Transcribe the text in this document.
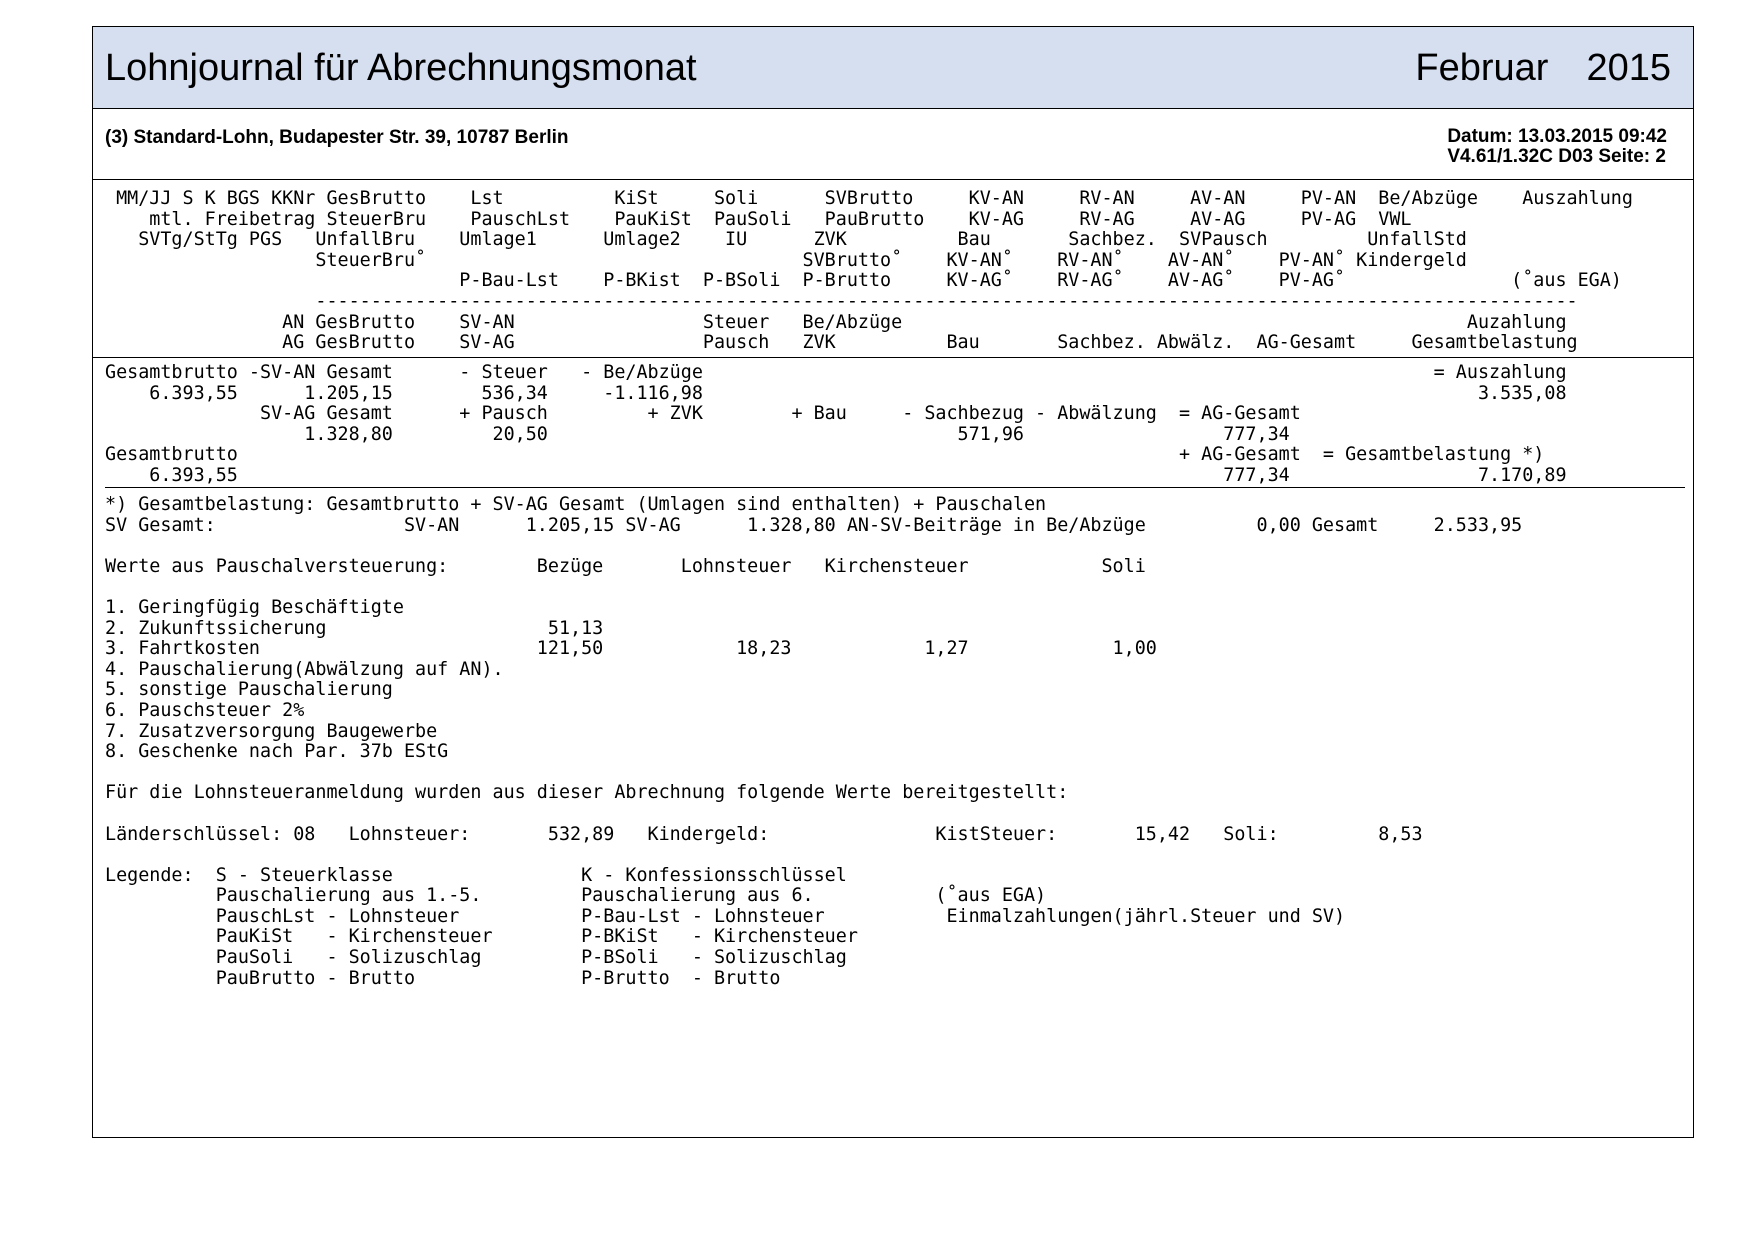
Lohnjournal für Abrechnungsmonat	Februar 2015
(3) Standard-Lohn, Budapester Str. 39, 10787 Berlin	Datum: 13.03.2015 09:42
V4.61/1.32C D03 Seite: 2
MM/JJ S K BGS KKNr GesBrutto    Lst          KiSt     Soli      SVBrutto     KV-AN     RV-AN     AV-AN     PV-AN  Be/Abzüge    Auszahlung
mtl. Freibetrag SteuerBru    PauschLst    PauKiSt  PauSoli   PauBrutto    KV-AG     RV-AG     AV-AG     PV-AG  VWL
SVTg/StTg PGS   UnfallBru    Umlage1      Umlage2    IU      ZVK          Bau       Sachbez.  SVPausch         UnfallStd
SteuerBru˚                                  SVBrutto˚    KV-AN˚    RV-AN˚    AV-AN˚    PV-AN˚ Kindergeld
P-Bau-Lst    P-BKist  P-BSoli  P-Brutto     KV-AG˚    RV-AG˚    AV-AG˚    PV-AG˚               (˚aus EGA)
------------------------------------------------------------------------------------------------------------------
AN GesBrutto    SV-AN                 Steuer   Be/Abzüge                                                   Auzahlung
AG GesBrutto    SV-AG                 Pausch   ZVK          Bau       Sachbez. Abwälz.  AG-Gesamt     Gesamtbelastung
Gesamtbrutto -SV-AN Gesamt      - Steuer   - Be/Abzüge                                                                  = Auszahlung
6.393,55      1.205,15        536,34     -1.116,98                                                                      3.535,08
SV-AG Gesamt      + Pausch         + ZVK        + Bau     - Sachbezug - Abwälzung  = AG-Gesamt
1.328,80         20,50                                     571,96                  777,34
Gesamtbrutto                                                                                     + AG-Gesamt  = Gesamtbelastung *)
6.393,55                                                                                         777,34                 7.170,89
*) Gesamtbelastung: Gesamtbrutto + SV-AG Gesamt (Umlagen sind enthalten) + Pauschalen
SV Gesamt:                 SV-AN      1.205,15 SV-AG      1.328,80 AN-SV-Beiträge in Be/Abzüge          0,00 Gesamt     2.533,95

Werte aus Pauschalversteuerung:        Bezüge       Lohnsteuer   Kirchensteuer            Soli

1. Geringfügig Beschäftigte
2. Zukunftssicherung                    51,13
3. Fahrtkosten                         121,50            18,23            1,27             1,00
4. Pauschalierung(Abwälzung auf AN).
5. sonstige Pauschalierung
6. Pauschsteuer 2%
7. Zusatzversorgung Baugewerbe
8. Geschenke nach Par. 37b EStG

Für die Lohnsteueranmeldung wurden aus dieser Abrechnung folgende Werte bereitgestellt:

Länderschlüssel: 08   Lohnsteuer:       532,89   Kindergeld:               KistSteuer:       15,42   Soli:         8,53

Legende:  S - Steuerklasse                 K - Konfessionsschlüssel
Pauschalierung aus 1.-5.         Pauschalierung aus 6.           (˚aus EGA)
PauschLst - Lohnsteuer           P-Bau-Lst - Lohnsteuer           Einmalzahlungen(jährl.Steuer und SV)
PauKiSt   - Kirchensteuer        P-BKiSt   - Kirchensteuer
PauSoli   - Solizuschlag         P-BSoli   - Solizuschlag
PauBrutto - Brutto               P-Brutto  - Brutto
